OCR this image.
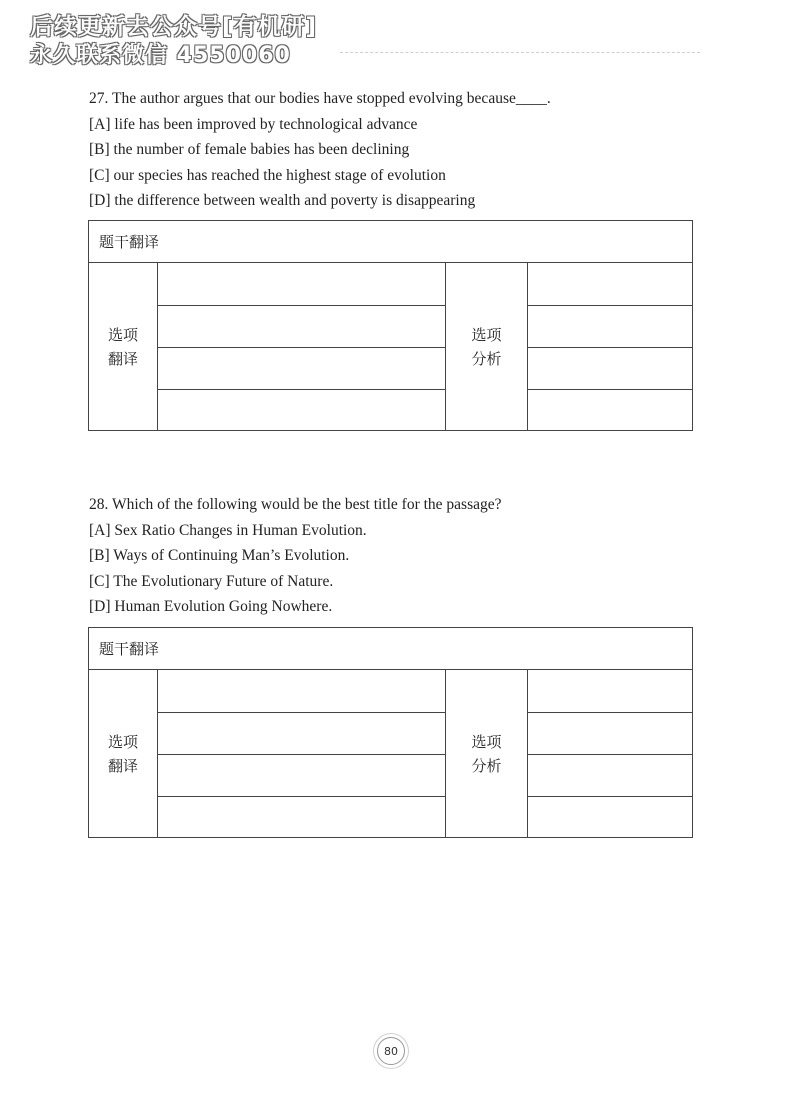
后续更新去公众号[有机研]
永久联系微信 4550060

27. The author argues that our bodies have stopped evolving because____.

[A] life has been improved by technological advance

[B] the number of female babies has been declining

[C] our species has reached the highest stage of evolution

[D] the difference between wealth and poverty is disappearing

题干翻译
选项
翻译
选项
分析

28. Which of the following would be the best title for the passage?

[A] Sex Ratio Changes in Human Evolution.

[B] Ways of Continuing Man’s Evolution.

[C] The Evolutionary Future of Nature.

[D] Human Evolution Going Nowhere.

题干翻译
选项
翻译
选项
分析
80
